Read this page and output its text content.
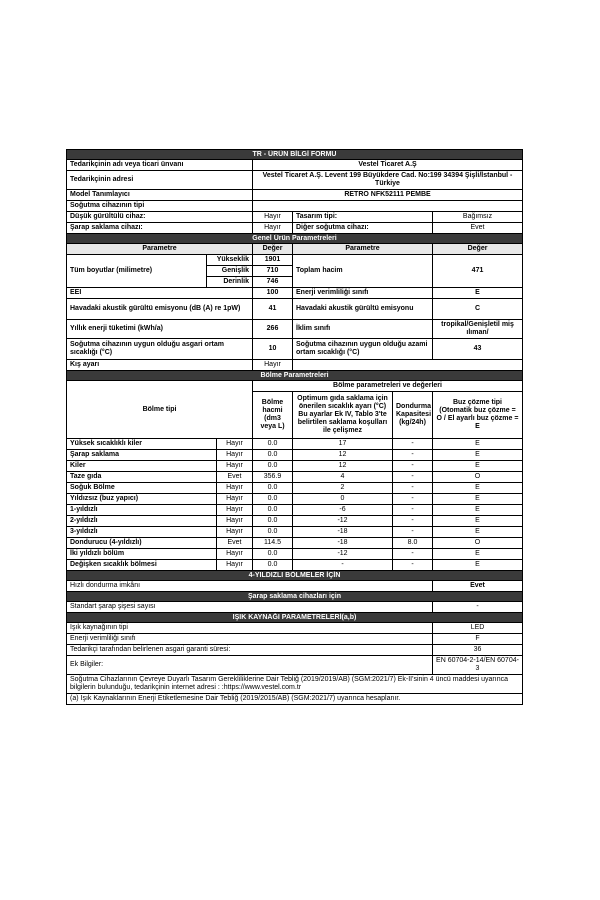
TR - ÜRÜN BİLGİ FORMU			
Tedarikçinin adı veya ticari ünvanı	Vestel Ticaret A.Ş		
Tedarikçinin adresi	Vestel Ticaret A.Ş. Levent 199 Büyükdere Cad. No:199 34394 Şişli/İstanbul - Türkiye		
Model Tanımlayıcı	RETRO NFK52111 PEMBE		
Soğutma cihazının tipi			
Düşük gürültülü cihaz:	Hayır	Tasarım tipi:	Bağımsız
Şarap saklama cihazı:	Hayır	Diğer soğutma cihazı:	Evet
Genel Ürün Parametreleri				
Parametre		Değer	Parametre	Değer
Tüm boyutlar (milimetre)	Yükseklik	1901	Toplam hacim	471
	Genişlik	710		
	Derinlik	746		
EEI		100	Enerji verimliliği sınıfı	E
Havadaki akustik gürültü emisyonu (dB (A) re 1pW)		41	Havadaki akustik gürültü emisyonu	C
Yıllık enerji tüketimi (kWh/a)		266	İklim sınıfı	tropikal/Genişletil miş ılıman/
Soğutma cihazının uygun olduğu asgari ortam sıcaklığı (°C)		10	Soğutma cihazının uygun olduğu azami ortam sıcaklığı (°C)	43
Kış ayarı		Hayır		
Bölme Parametreleri					
Bölme tipi		Bölme parametreleri ve değerleri			
		Bölme hacmi (dm3 veya L)	Optimum gıda saklama için önerilen sıcaklık ayarı (°C) Bu ayarlar Ek IV, Tablo 3'te belirtilen saklama koşulları ile çelişmez	Dondurma Kapasitesi (kg/24h)	Buz çözme tipi (Otomatik buz çözme = O / El ayarlı buz çözme = E
Yüksek sıcaklıklı kiler	Hayır	0.0	17	-	E
Şarap saklama	Hayır	0.0	12	-	E
Kiler	Hayır	0.0	12	-	E
Taze gıda	Evet	356.9	4	-	O
Soğuk Bölme	Hayır	0.0	2	-	E
Yıldızsız (buz yapıcı)	Hayır	0.0	0	-	E
1-yıldızlı	Hayır	0.0	-6	-	E
2-yıldızlı	Hayır	0.0	-12	-	E
3-yıldızlı	Hayır	0.0	-18	-	E
Dondurucu (4-yıldızlı)	Evet	114.5	-18	8.0	O
İki yıldızlı bölüm	Hayır	0.0	-12	-	E
Değişken sıcaklık bölmesi	Hayır	0.0	-	-	E
4-YILDIZLI BÖLMELER İÇİN	
Hızlı dondurma imkânı	Evet
Şarap saklama cihazları için	
Standart şarap şişesi sayısı	-
IŞIK KAYNAĞI PARAMETRELERİ(a,b)	
Işık kaynağının tipi	LED
Enerji verimliliği sınıfı	F
Tedarikçi tarafından belirlenen asgari garanti süresi:	36
Ek Bilgiler:	EN 60704-2-14/EN 60704-3
Soğutma Cihazlarının Çevreye Duyarlı Tasarım Gerekliliklerine Dair Tebliğ (2019/2019/AB) (SGM:2021/7) Ek-II'sinin 4 üncü maddesi uyarınca bilgilerin bulunduğu, tedarikçinin internet adresi : :https://www.vestel.com.tr	
(a) Işık Kaynaklarının Enerji Etiketlemesine Dair Tebliğ (2019/2015/AB) (SGM:2021/7) uyarınca hesaplanır.	
